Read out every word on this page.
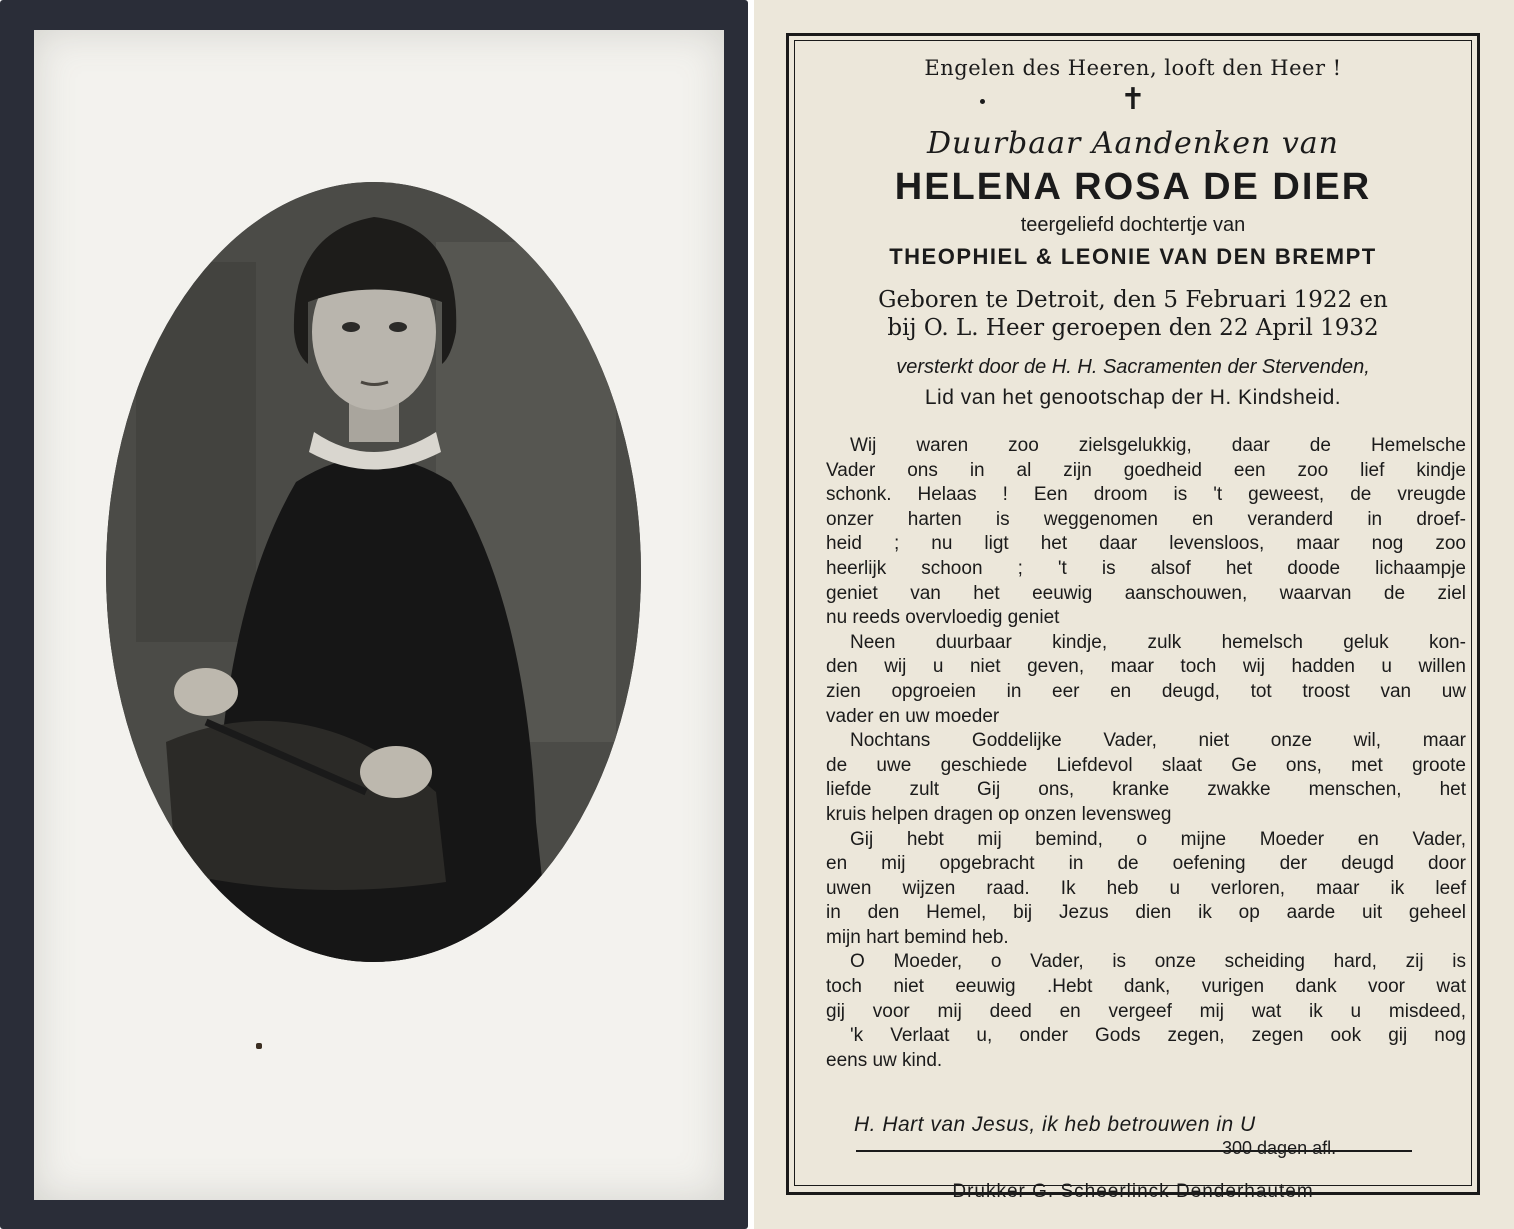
Engelen des Heeren, looft den Heer !

✝

Duurbaar Aandenken van

HELENA ROSA DE DIER

teergeliefd dochtertje van

THEOPHIEL & LEONIE VAN DEN BREMPT

Geboren te Detroit, den 5 Februari 1922 en

bij O. L. Heer geroepen den 22 April 1932

versterkt door de H. H. Sacramenten der Stervenden,

Lid van het genootschap der H. Kindsheid.

Wij waren zoo zielsgelukkig, daar de Hemelsche
Vader ons in al zijn goedheid een zoo lief kindje
schonk. Helaas ! Een droom is 't geweest, de vreugde
onzer harten is weggenomen en veranderd in droef-
heid ; nu ligt het daar levensloos, maar nog zoo
heerlijk schoon ; 't is alsof het doode lichaampje
geniet van het eeuwig aanschouwen, waarvan de ziel
nu reeds overvloedig geniet
Neen duurbaar kindje, zulk hemelsch geluk kon-
den wij u niet geven, maar toch wij hadden u willen
zien opgroeien in eer en deugd, tot troost van uw
vader en uw moeder
Nochtans Goddelijke Vader, niet onze wil, maar
de uwe geschiede Liefdevol slaat Ge ons, met groote
liefde zult Gij ons, kranke zwakke menschen, het
kruis helpen dragen op onzen levensweg
Gij hebt mij bemind, o mijne Moeder en Vader,
en mij opgebracht in de oefening der deugd door
uwen wijzen raad. Ik heb u verloren, maar ik leef
in den Hemel, bij Jezus dien ik op aarde uit geheel
mijn hart bemind heb.
O Moeder, o Vader, is onze scheiding hard, zij is
toch niet eeuwig .Hebt dank, vurigen dank voor wat
gij voor mij deed en vergeef mij wat ik u misdeed,
'k Verlaat u, onder Gods zegen, zegen ook gij nog
eens uw kind.

H. Hart van Jesus, ik heb betrouwen in U

300 dagen afl.

Drukker G. Scheerlinck Denderhautem
